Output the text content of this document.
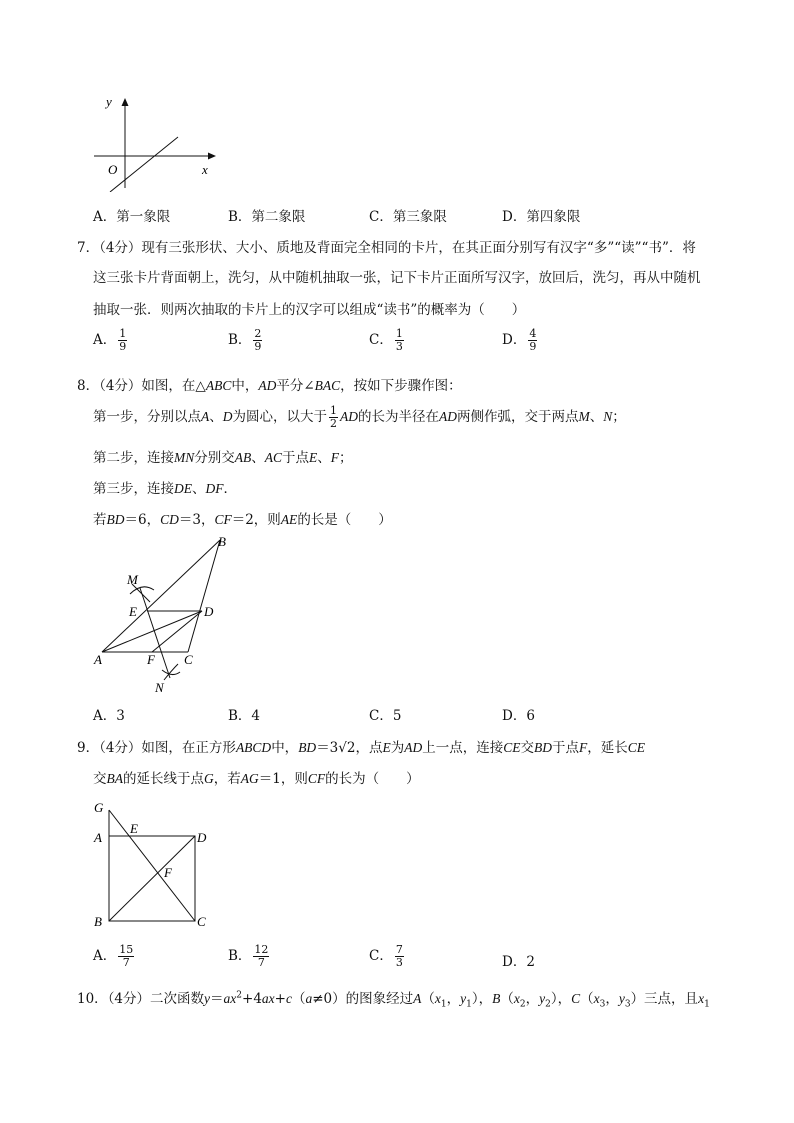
y
x
O
A．第一象限	B．第二象限	C．第三象限	D．第四象限
7．（4分）现有三张形状、大小、质地及背面完全相同的卡片，在其正面分别写有汉字“多”“读”“书”．将
这三张卡片背面朝上，洗匀，从中随机抽取一张，记下卡片正面所写汉字，放回后，洗匀，再从中随机
抽取一张．则两次抽取的卡片上的汉字可以组成“读书”的概率为（　　）
A． $\frac{1}{9}$	B． $\frac{2}{9}$	C． $\frac{1}{3}$	D． $\frac{4}{9}$
8．（4分）如图，在△ABC中，AD平分∠BAC，按如下步骤作图：
第一步，分别以点A、D为圆心，以大于 $\frac{1}{2}$ AD的长为半径在AD两侧作弧，交于两点M、N；
第二步，连接MN分别交AB、AC于点E、F；
第三步，连接DE、DF．
若BD＝6，CD＝3，CF＝2，则AE的长是（　　）
B
M
E	D
A	F C
N
A．3	B．4	C．5	D．6
9．（4分）如图，在正方形ABCD中，BD＝3√2，点E为AD上一点，连接CE交BD于点F，延长CE
交BA的延长线于点G，若AG＝1，则CF的长为（　　）
G
A
E
D
F
B	C
A． $\frac{15}{7}$	B． $\frac{12}{7}$	C． $\frac{7}{3}$	D．2
10．（4分）二次函数$y=ax^2+4ax+c(a\ne 0)$的图象经过$A(x_1$，$y_1$），$B(x_2$，$y_2$），$C(x_3$，$y_3$）三点，且$x_1$
